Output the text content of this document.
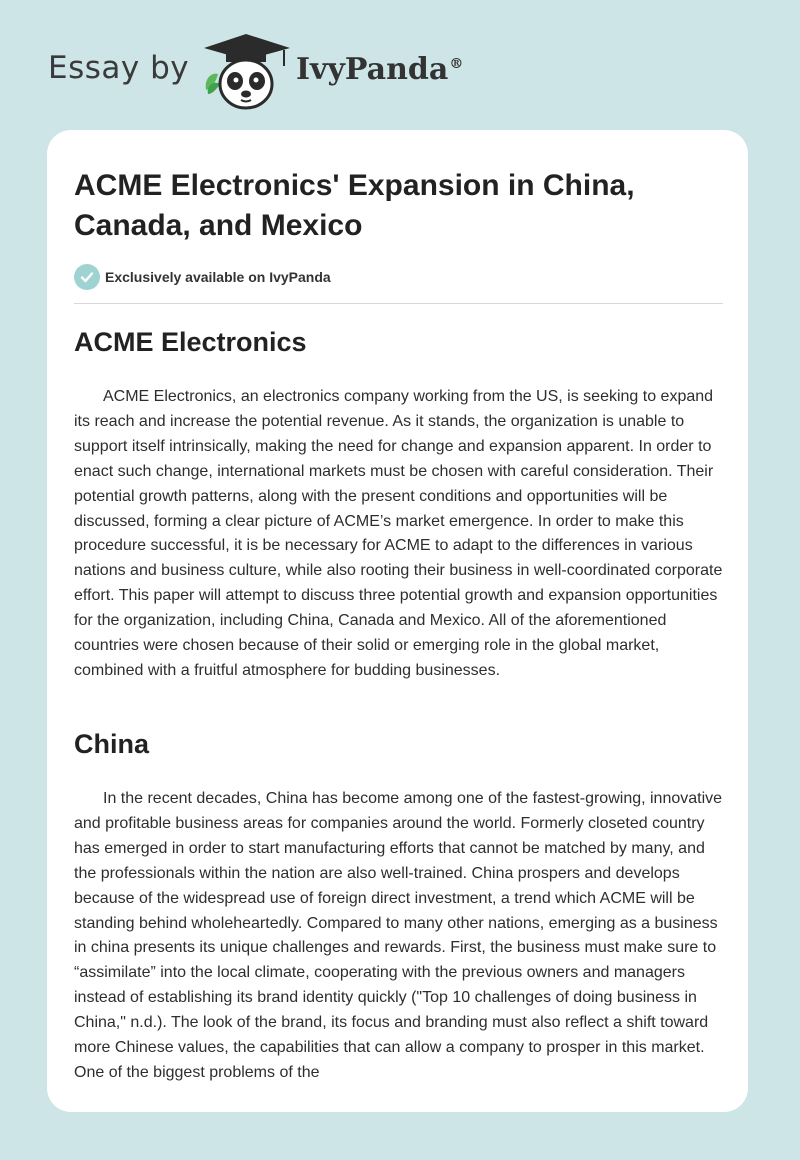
Essay by	IvyPanda®
ACME Electronics' Expansion in China, Canada, and Mexico
Exclusively available on IvyPanda
ACME Electronics

ACME Electronics, an electronics company working from the US, is seeking to expand its reach and increase the potential revenue. As it stands, the organization is unable to support itself intrinsically, making the need for change and expansion apparent. In order to enact such change, international markets must be chosen with careful consideration. Their potential growth patterns, along with the present conditions and opportunities will be discussed, forming a clear picture of ACME’s market emergence. In order to make this procedure successful, it is be necessary for ACME to adapt to the differences in various nations and business culture, while also rooting their business in well-coordinated corporate effort. This paper will attempt to discuss three potential growth and expansion opportunities for the organization, including China, Canada and Mexico. All of the aforementioned countries were chosen because of their solid or emerging role in the global market, combined with a fruitful atmosphere for budding businesses.

China

In the recent decades, China has become among one of the fastest-growing, innovative and profitable business areas for companies around the world. Formerly closeted country has emerged in order to start manufacturing efforts that cannot be matched by many, and the professionals within the nation are also well-trained. China prospers and develops because of the widespread use of foreign direct investment, a trend which ACME will be standing behind wholeheartedly. Compared to many other nations, emerging as a business in china presents its unique challenges and rewards. First, the business must make sure to “assimilate” into the local climate, cooperating with the previous owners and managers instead of establishing its brand identity quickly ("Top 10 challenges of doing business in China," n.d.). The look of the brand, its focus and branding must also reflect a shift toward more Chinese values, the capabilities that can allow a company to prosper in this market. One of the biggest problems of the
